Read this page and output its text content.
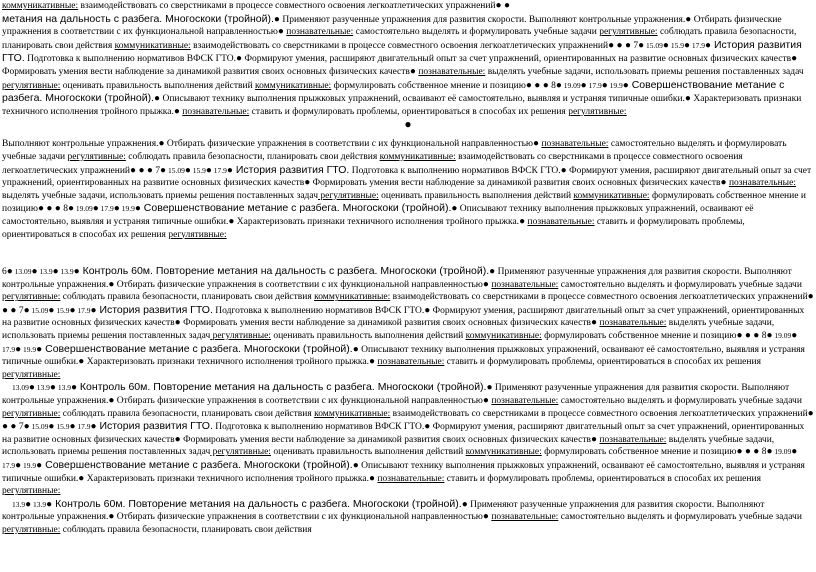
коммуникативные: взаимодействовать со сверстниками в процессе совместного освоения легкоатлетических упражнений● ●
метания на дальность с разбега. Многоскоки (тройной).● Применяют разученные упражнения для развития скорости. Выполняют контрольные упражнения.● Отбирать физические упражнения в соответствии с их функциональной направленностью● познавательные: самостоятельно выделять и формулировать учебные задачи регулятивные: соблюдать правила безопасности, планировать свои действия коммуникативные: взаимодействовать со сверстниками в процессе совместного освоения легкоатлетических упражнений● ● ● 7● 15.09● 15.9● 17.9● История развития ГТО. Подготовка к выполнению нормативов ВФСК ГТО.● Формируют умения, расширяют двигательный опыт за счет упражнений, ориентированных на развитие основных физических качеств● Формировать умения вести наблюдение за динамикой развития своих основных физических качеств● познавательные: выделять учебные задачи, использовать приемы решения поставленных задач регулятивные: оценивать правильность выполнения действий коммуникативные: формулировать собственное мнение и позицию● ● ● 8● 19.09● 17.9● 19.9● Совершенствование метание с разбега. Многоскоки (тройной).● Описывают технику выполнения прыжковых упражнений, осваивают её самостоятельно, выявляя и устраняя типичные ошибки.● Характеризовать признаки техничного исполнения тройного прыжка.● познавательные: ставить и формулировать проблемы, ориентироваться в способах их решения регулятивные:

●

Выполняют контрольные упражнения.● Отбирать физические упражнения в соответствии с их функциональной направленностью● познавательные: самостоятельно выделять и формулировать учебные задачи регулятивные: соблюдать правила безопасности, планировать свои действия коммуникативные: взаимодействовать со сверстниками в процессе совместного освоения легкоатлетических упражнений● ● ● 7● 15.09● 15.9● 17.9● История развития ГТО. Подготовка к выполнению нормативов ВФСК ГТО.● Формируют умения, расширяют двигательный опыт за счет упражнений, ориентированных на развитие основных физических качеств● Формировать умения вести наблюдение за динамикой развития своих основных физических качеств● познавательные: выделять учебные задачи, использовать приемы решения поставленных задач регулятивные: оценивать правильность выполнения действий коммуникативные: формулировать собственное мнение и позицию● ● ● 8● 19.09● 17.9● 19.9● Совершенствование метание с разбега. Многоскоки (тройной).● Описывают технику выполнения прыжковых упражнений, осваивают её самостоятельно, выявляя и устраняя типичные ошибки.● Характеризовать признаки техничного исполнения тройного прыжка.● познавательные: ставить и формулировать проблемы, ориентироваться в способах их решения регулятивные:

6● 13.09● 13.9● 13.9● Контроль 60м. Повторение метания на дальность с разбега. Многоскоки (тройной).● Применяют разученные упражнения для развития скорости. Выполняют контрольные упражнения.● Отбирать физические упражнения в соответствии с их функциональной направленностью● познавательные: самостоятельно выделять и формулировать учебные задачи регулятивные: соблюдать правила безопасности, планировать свои действия коммуникативные: взаимодействовать со сверстниками в процессе совместного освоения легкоатлетических упражнений● ● ● 7● 15.09● 15.9● 17.9● История развития ГТО. Подготовка к выполнению нормативов ВФСК ГТО.● Формируют умения, расширяют двигательный опыт за счет упражнений, ориентированных на развитие основных физических качеств● Формировать умения вести наблюдение за динамикой развития своих основных физических качеств● познавательные: выделять учебные задачи, использовать приемы решения поставленных задач регулятивные: оценивать правильность выполнения действий коммуникативные: формулировать собственное мнение и позицию● ● ● 8● 19.09● 17.9● 19.9● Совершенствование метание с разбега. Многоскоки (тройной).● Описывают технику выполнения прыжковых упражнений, осваивают её самостоятельно, выявляя и устраняя типичные ошибки.● Характеризовать признаки техничного исполнения тройного прыжка.● познавательные: ставить и формулировать проблемы, ориентироваться в способах их решения регулятивные:

13.09● 13.9● 13.9● Контроль 60м. Повторение метания на дальность с разбега. Многоскоки (тройной).● Применяют разученные упражнения для развития скорости. Выполняют контрольные упражнения.● Отбирать физические упражнения в соответствии с их функциональной направленностью● познавательные: самостоятельно выделять и формулировать учебные задачи регулятивные: соблюдать правила безопасности, планировать свои действия коммуникативные: взаимодействовать со сверстниками в процессе совместного освоения легкоатлетических упражнений● ● ● 7● 15.09● 15.9● 17.9● История развития ГТО. Подготовка к выполнению нормативов ВФСК ГТО.● Формируют умения, расширяют двигательный опыт за счет упражнений, ориентированных на развитие основных физических качеств● Формировать умения вести наблюдение за динамикой развития своих основных физических качеств● познавательные: выделять учебные задачи, использовать приемы решения поставленных задач регулятивные: оценивать правильность выполнения действий коммуникативные: формулировать собственное мнение и позицию● ● ● 8● 19.09● 17.9● 19.9● Совершенствование метание с разбега. Многоскоки (тройной).● Описывают технику выполнения прыжковых упражнений, осваивают её самостоятельно, выявляя и устраняя типичные ошибки.● Характеризовать признаки техничного исполнения тройного прыжка.● познавательные: ставить и формулировать проблемы, ориентироваться в способах их решения регулятивные:

13.9● 13.9● Контроль 60м. Повторение метания на дальность с разбега. Многоскоки (тройной).● Применяют разученные упражнения для развития скорости. Выполняют контрольные упражнения.● Отбирать физические упражнения в соответствии с их функциональной направленностью● познавательные: самостоятельно выделять и формулировать учебные задачи регулятивные: соблюдать правила безопасности, планировать свои действия
